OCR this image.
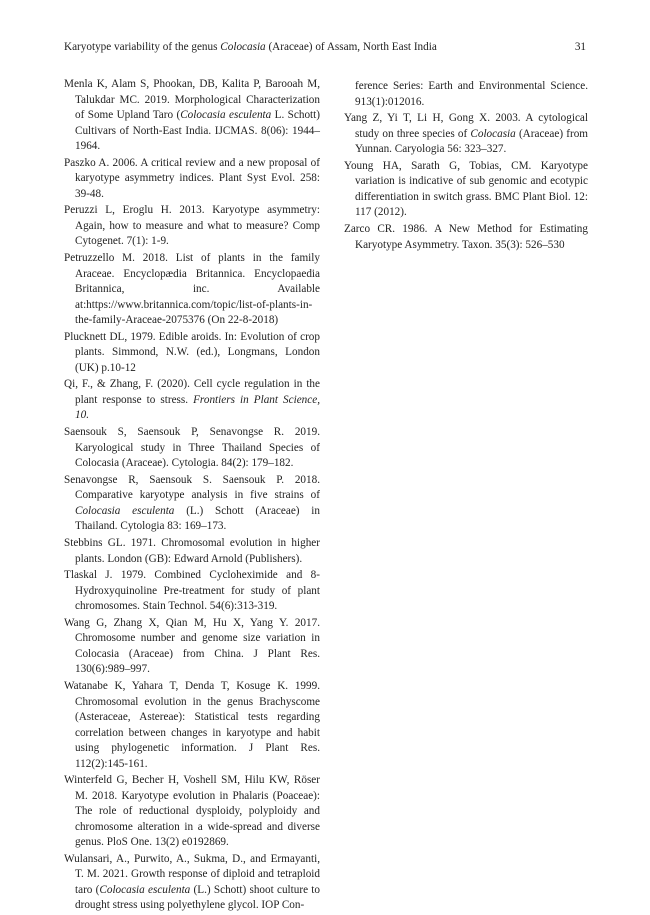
Karyotype variability of the genus Colocasia (Araceae) of Assam, North East India	31

Menla K, Alam S, Phookan, DB, Kalita P, Barooah M, Talukdar MC. 2019. Morphological Characterization of Some Upland Taro (Colocasia esculenta L. Schott) Cultivars of North-East India. IJCMAS. 8(06): 1944–1964.

Paszko A. 2006. A critical review and a new proposal of karyotype asymmetry indices. Plant Syst Evol. 258: 39-48.

Peruzzi L, Eroglu H. 2013. Karyotype asymmetry: Again, how to measure and what to measure? Comp Cytogenet. 7(1): 1-9.

Petruzzello M. 2018. List of plants in the family Araceae. Encyclopædia Britannica. Encyclopaedia Britannica, inc. Available at:https://www.britannica.com/topic/list-of-plants-in-the-family-Araceae-2075376 (On 22-8-2018)

Plucknett DL, 1979. Edible aroids. In: Evolution of crop plants. Simmond, N.W. (ed.), Longmans, London (UK) p.10-12

Qi, F., & Zhang, F. (2020). Cell cycle regulation in the plant response to stress. Frontiers in Plant Science, 10.

Saensouk S, Saensouk P, Senavongse R. 2019. Karyological study in Three Thailand Species of Colocasia (Araceae). Cytologia. 84(2): 179–182.

Senavongse R, Saensouk S. Saensouk P. 2018. Comparative karyotype analysis in five strains of Colocasia esculenta (L.) Schott (Araceae) in Thailand. Cytologia 83: 169–173.

Stebbins GL. 1971. Chromosomal evolution in higher plants. London (GB): Edward Arnold (Publishers).

Tlaskal J. 1979. Combined Cycloheximide and 8-Hydroxyquinoline Pre-treatment for study of plant chromosomes. Stain Technol. 54(6):313-319.

Wang G, Zhang X, Qian M, Hu X, Yang Y. 2017. Chromosome number and genome size variation in Colocasia (Araceae) from China. J Plant Res. 130(6):989–997.

Watanabe K, Yahara T, Denda T, Kosuge K. 1999. Chromosomal evolution in the genus Brachyscome (Asteraceae, Astereae): Statistical tests regarding correlation between changes in karyotype and habit using phylogenetic information. J Plant Res. 112(2):145-161.

Winterfeld G, Becher H, Voshell SM, Hilu KW, Röser M. 2018. Karyotype evolution in Phalaris (Poaceae): The role of reductional dysploidy, polyploidy and chromosome alteration in a wide-spread and diverse genus. PloS One. 13(2) e0192869.

Wulansari, A., Purwito, A., Sukma, D., and Ermayanti, T. M. 2021. Growth response of diploid and tetraploid taro (Colocasia esculenta (L.) Schott) shoot culture to drought stress using polyethylene glycol. IOP Con-

ference Series: Earth and Environmental Science. 913(1):012016.

Yang Z, Yi T, Li H, Gong X. 2003. A cytological study on three species of Colocasia (Araceae) from Yunnan. Caryologia 56: 323–327.

Young HA, Sarath G, Tobias, CM. Karyotype variation is indicative of sub genomic and ecotypic differentiation in switch grass. BMC Plant Biol. 12: 117 (2012).

Zarco CR. 1986. A New Method for Estimating Karyotype Asymmetry. Taxon. 35(3): 526–530
